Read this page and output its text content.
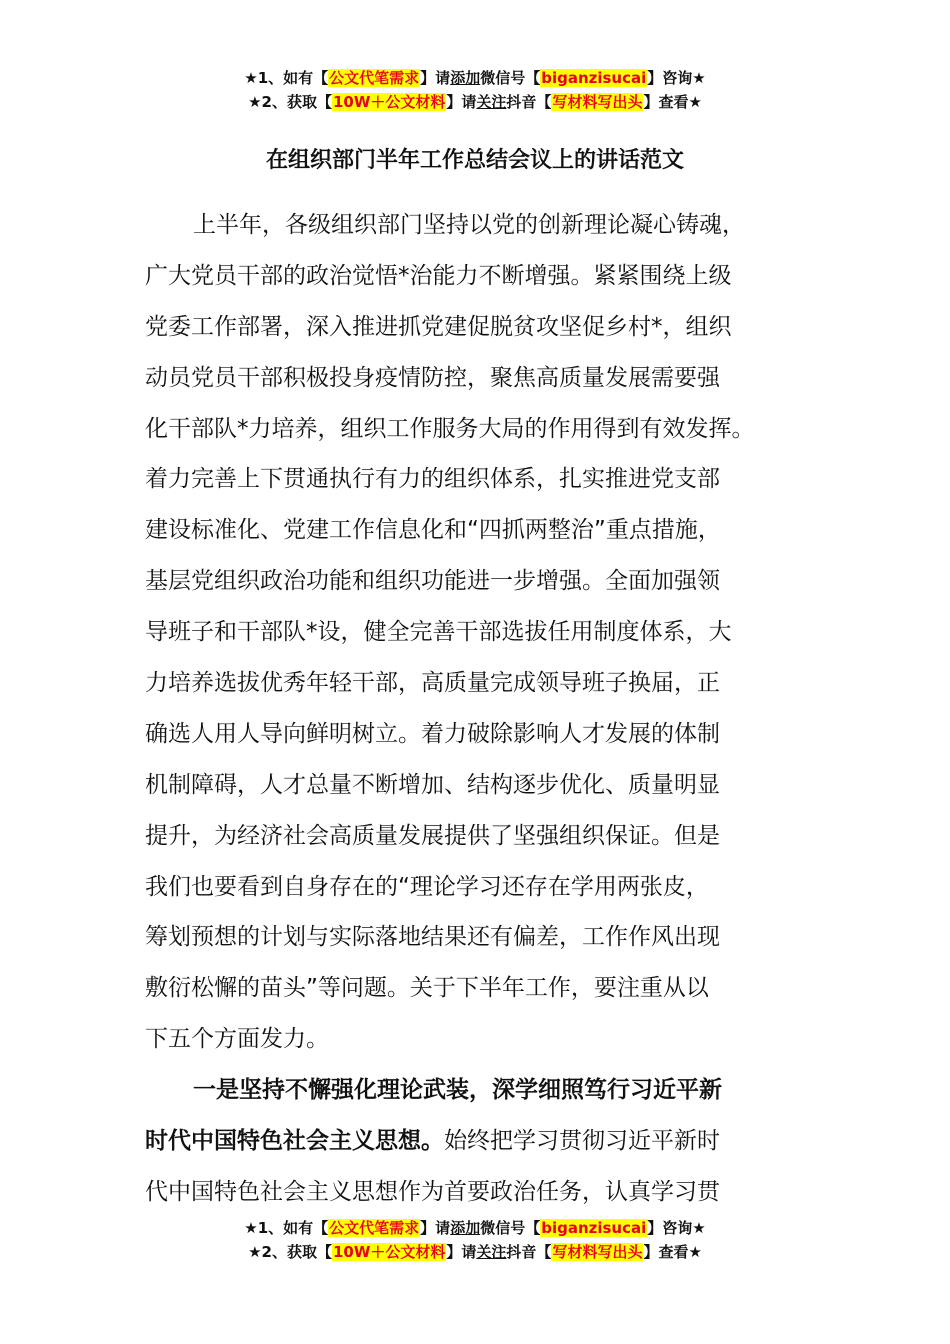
★1、如有【公文代笔需求】请添加微信号【biganzisucai】咨询★
★2、获取【10W＋公文材料】请关注抖音【写材料写出头】查看★
在组织部门半年工作总结会议上的讲话范文
上半年，各级组织部门坚持以党的创新理论凝心铸魂，
广大党员干部的政治觉悟*治能力不断增强。紧紧围绕上级
党委工作部署，深入推进抓党建促脱贫攻坚促乡村*，组织
动员党员干部积极投身疫情防控，聚焦高质量发展需要强
化干部队*力培养，组织工作服务大局的作用得到有效发挥。
着力完善上下贯通执行有力的组织体系，扎实推进党支部
建设标准化、党建工作信息化和“四抓两整治”重点措施，
基层党组织政治功能和组织功能进一步增强。全面加强领
导班子和干部队*设，健全完善干部选拔任用制度体系，大
力培养选拔优秀年轻干部，高质量完成领导班子换届，正
确选人用人导向鲜明树立。着力破除影响人才发展的体制
机制障碍，人才总量不断增加、结构逐步优化、质量明显
提升，为经济社会高质量发展提供了坚强组织保证。但是
我们也要看到自身存在的“理论学习还存在学用两张皮，
筹划预想的计划与实际落地结果还有偏差，工作作风出现
敷衍松懈的苗头”等问题。关于下半年工作，要注重从以
下五个方面发力。
一是坚持不懈强化理论武装，深学细照笃行习近平新
时代中国特色社会主义思想。始终把学习贯彻习近平新时
代中国特色社会主义思想作为首要政治任务，认真学习贯
★1、如有【公文代笔需求】请添加微信号【biganzisucai】咨询★
★2、获取【10W＋公文材料】请关注抖音【写材料写出头】查看★
